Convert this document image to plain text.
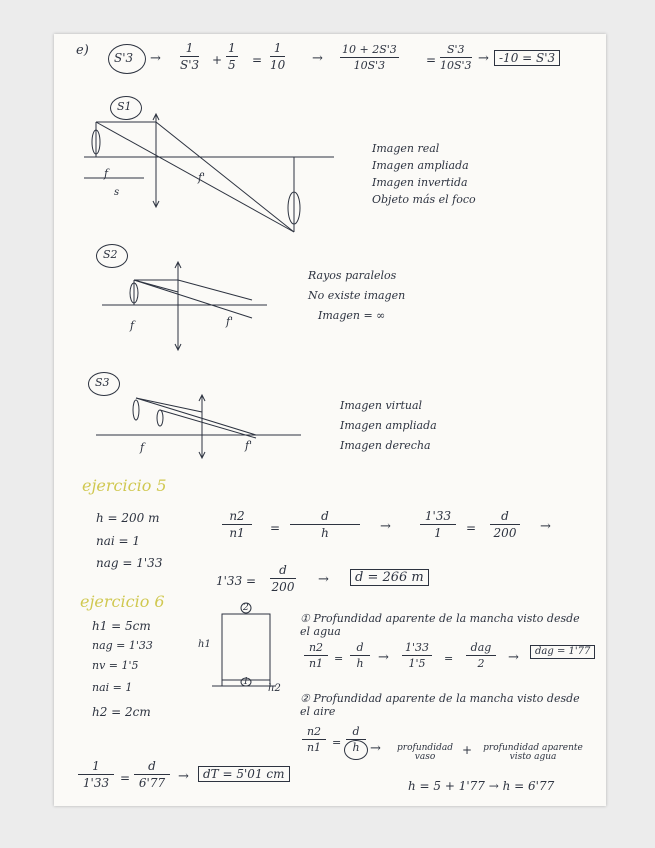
e) $S'3 \to \frac{1}{S'3} + \frac{1}{5} = \frac{1}{10} \to \frac{10 + 2S'3}{10S'3} = \frac{S'3}{10S'3} \to -10 = S'3$
S1
f	f'
s
Imagen real
Imagen ampliada
Imagen invertida
Objeto más el foco
S2
f	f'
Rayos paralelos
No existe imagen
Imagen = ∞
S3
f	f'
Imagen virtual
Imagen ampliada
Imagen derecha
ejercicio 5
h = 200 m
nai = 1
nag = 1'33
$\frac{n2}{n1} = \frac{d}{h} \to \frac{1'33}{1} = \frac{d}{200}$ →
$1'33 = \frac{d}{200}$ →	d = 266 m
ejercicio 6
h1 = 5cm
nag = 1'33
nv = 1'5
nai = 1
h2 = 2cm
2
1
h1
h2
① Profundidad aparente de la mancha visto desde el agua
$\frac{n2}{n1} = \frac{d}{h} \to \frac{1'33}{1'5}$ =
dag
2	→	dag = 1'77
② Profundidad aparente de la mancha visto desde el aire
$\frac{n2}{n1} = \frac{d}{h}$ →	profundidad vaso	+	profundidad aparente visto agua
h = 5 + 1'77 → h = 6'77
$\frac{1}{1'33} = \frac{d}{6'77}$ →	dT = 5'01 cm
